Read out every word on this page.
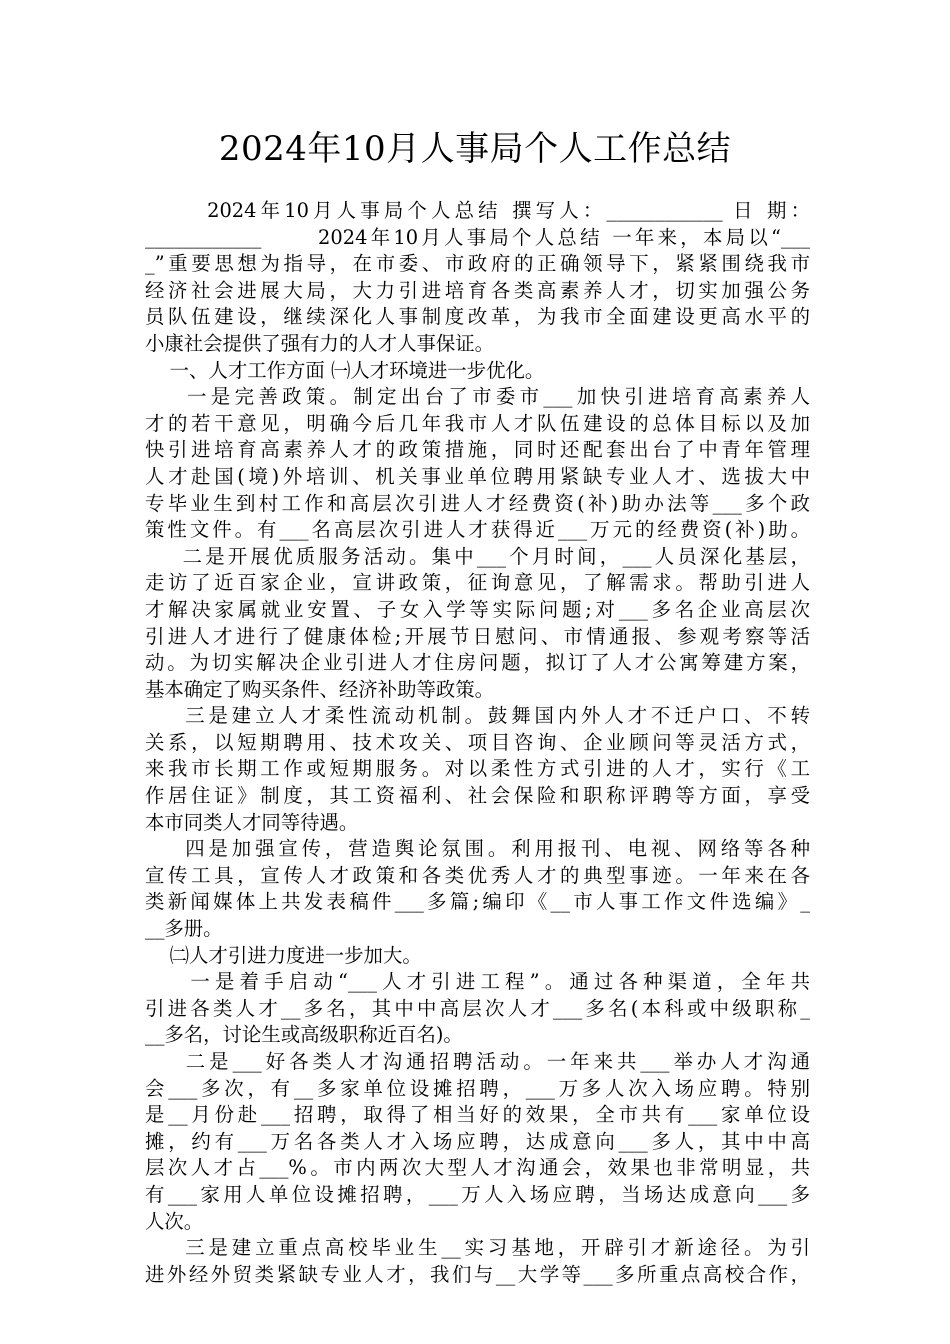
2024年10月人事局个人工作总结
2024年10月人事局个人总结 撰写人：____________ 日 期：
____________      2024年10月人事局个人总结 一年来，本局以“___
_”重要思想为指导，在市委、市政府的正确领导下，紧紧围绕我市
经济社会进展大局，大力引进培育各类高素养人才，切实加强公务
员队伍建设，继续深化人事制度改革，为我市全面建设更高水平的
小康社会提供了强有力的人才人事保证。
一、人才工作方面 ㈠人才环境进一步优化。
一是完善政策。制定出台了市委市___加快引进培育高素养人
才的若干意见，明确今后几年我市人才队伍建设的总体目标以及加
快引进培育高素养人才的政策措施，同时还配套出台了中青年管理
人才赴国(境)外培训、机关事业单位聘用紧缺专业人才、选拔大中
专毕业生到村工作和高层次引进人才经费资(补)助办法等___多个政
策性文件。有___名高层次引进人才获得近___万元的经费资(补)助。
二是开展优质服务活动。集中___个月时间，___人员深化基层，
走访了近百家企业，宣讲政策，征询意见，了解需求。帮助引进人
才解决家属就业安置、子女入学等实际问题;对___多名企业高层次
引进人才进行了健康体检;开展节日慰问、市情通报、参观考察等活
动。为切实解决企业引进人才住房问题，拟订了人才公寓筹建方案，
基本确定了购买条件、经济补助等政策。
三是建立人才柔性流动机制。鼓舞国内外人才不迁户口、不转
关系，以短期聘用、技术攻关、项目咨询、企业顾问等灵活方式，
来我市长期工作或短期服务。对以柔性方式引进的人才，实行《工
作居住证》制度，其工资福利、社会保险和职称评聘等方面，享受
本市同类人才同等待遇。
四是加强宣传，营造舆论氛围。利用报刊、电视、网络等各种
宣传工具，宣传人才政策和各类优秀人才的典型事迹。一年来在各
类新闻媒体上共发表稿件___多篇;编印《__市人事工作文件选编》_
__多册。
㈡人才引进力度进一步加大。
一是着手启动“___人才引进工程”。通过各种渠道，全年共
引进各类人才__多名，其中中高层次人才___多名(本科或中级职称_
__多名，讨论生或高级职称近百名)。
二是___好各类人才沟通招聘活动。一年来共___举办人才沟通
会___多次，有__多家单位设摊招聘，___万多人次入场应聘。特别
是__月份赴___招聘，取得了相当好的效果，全市共有___家单位设
摊，约有___万名各类人才入场应聘，达成意向___多人，其中中高
层次人才占___%。市内两次大型人才沟通会，效果也非常明显，共
有___家用人单位设摊招聘，___万人入场应聘，当场达成意向___多
人次。
三是建立重点高校毕业生__实习基地，开辟引才新途径。为引
进外经外贸类紧缺专业人才，我们与__大学等___多所重点高校合作，
